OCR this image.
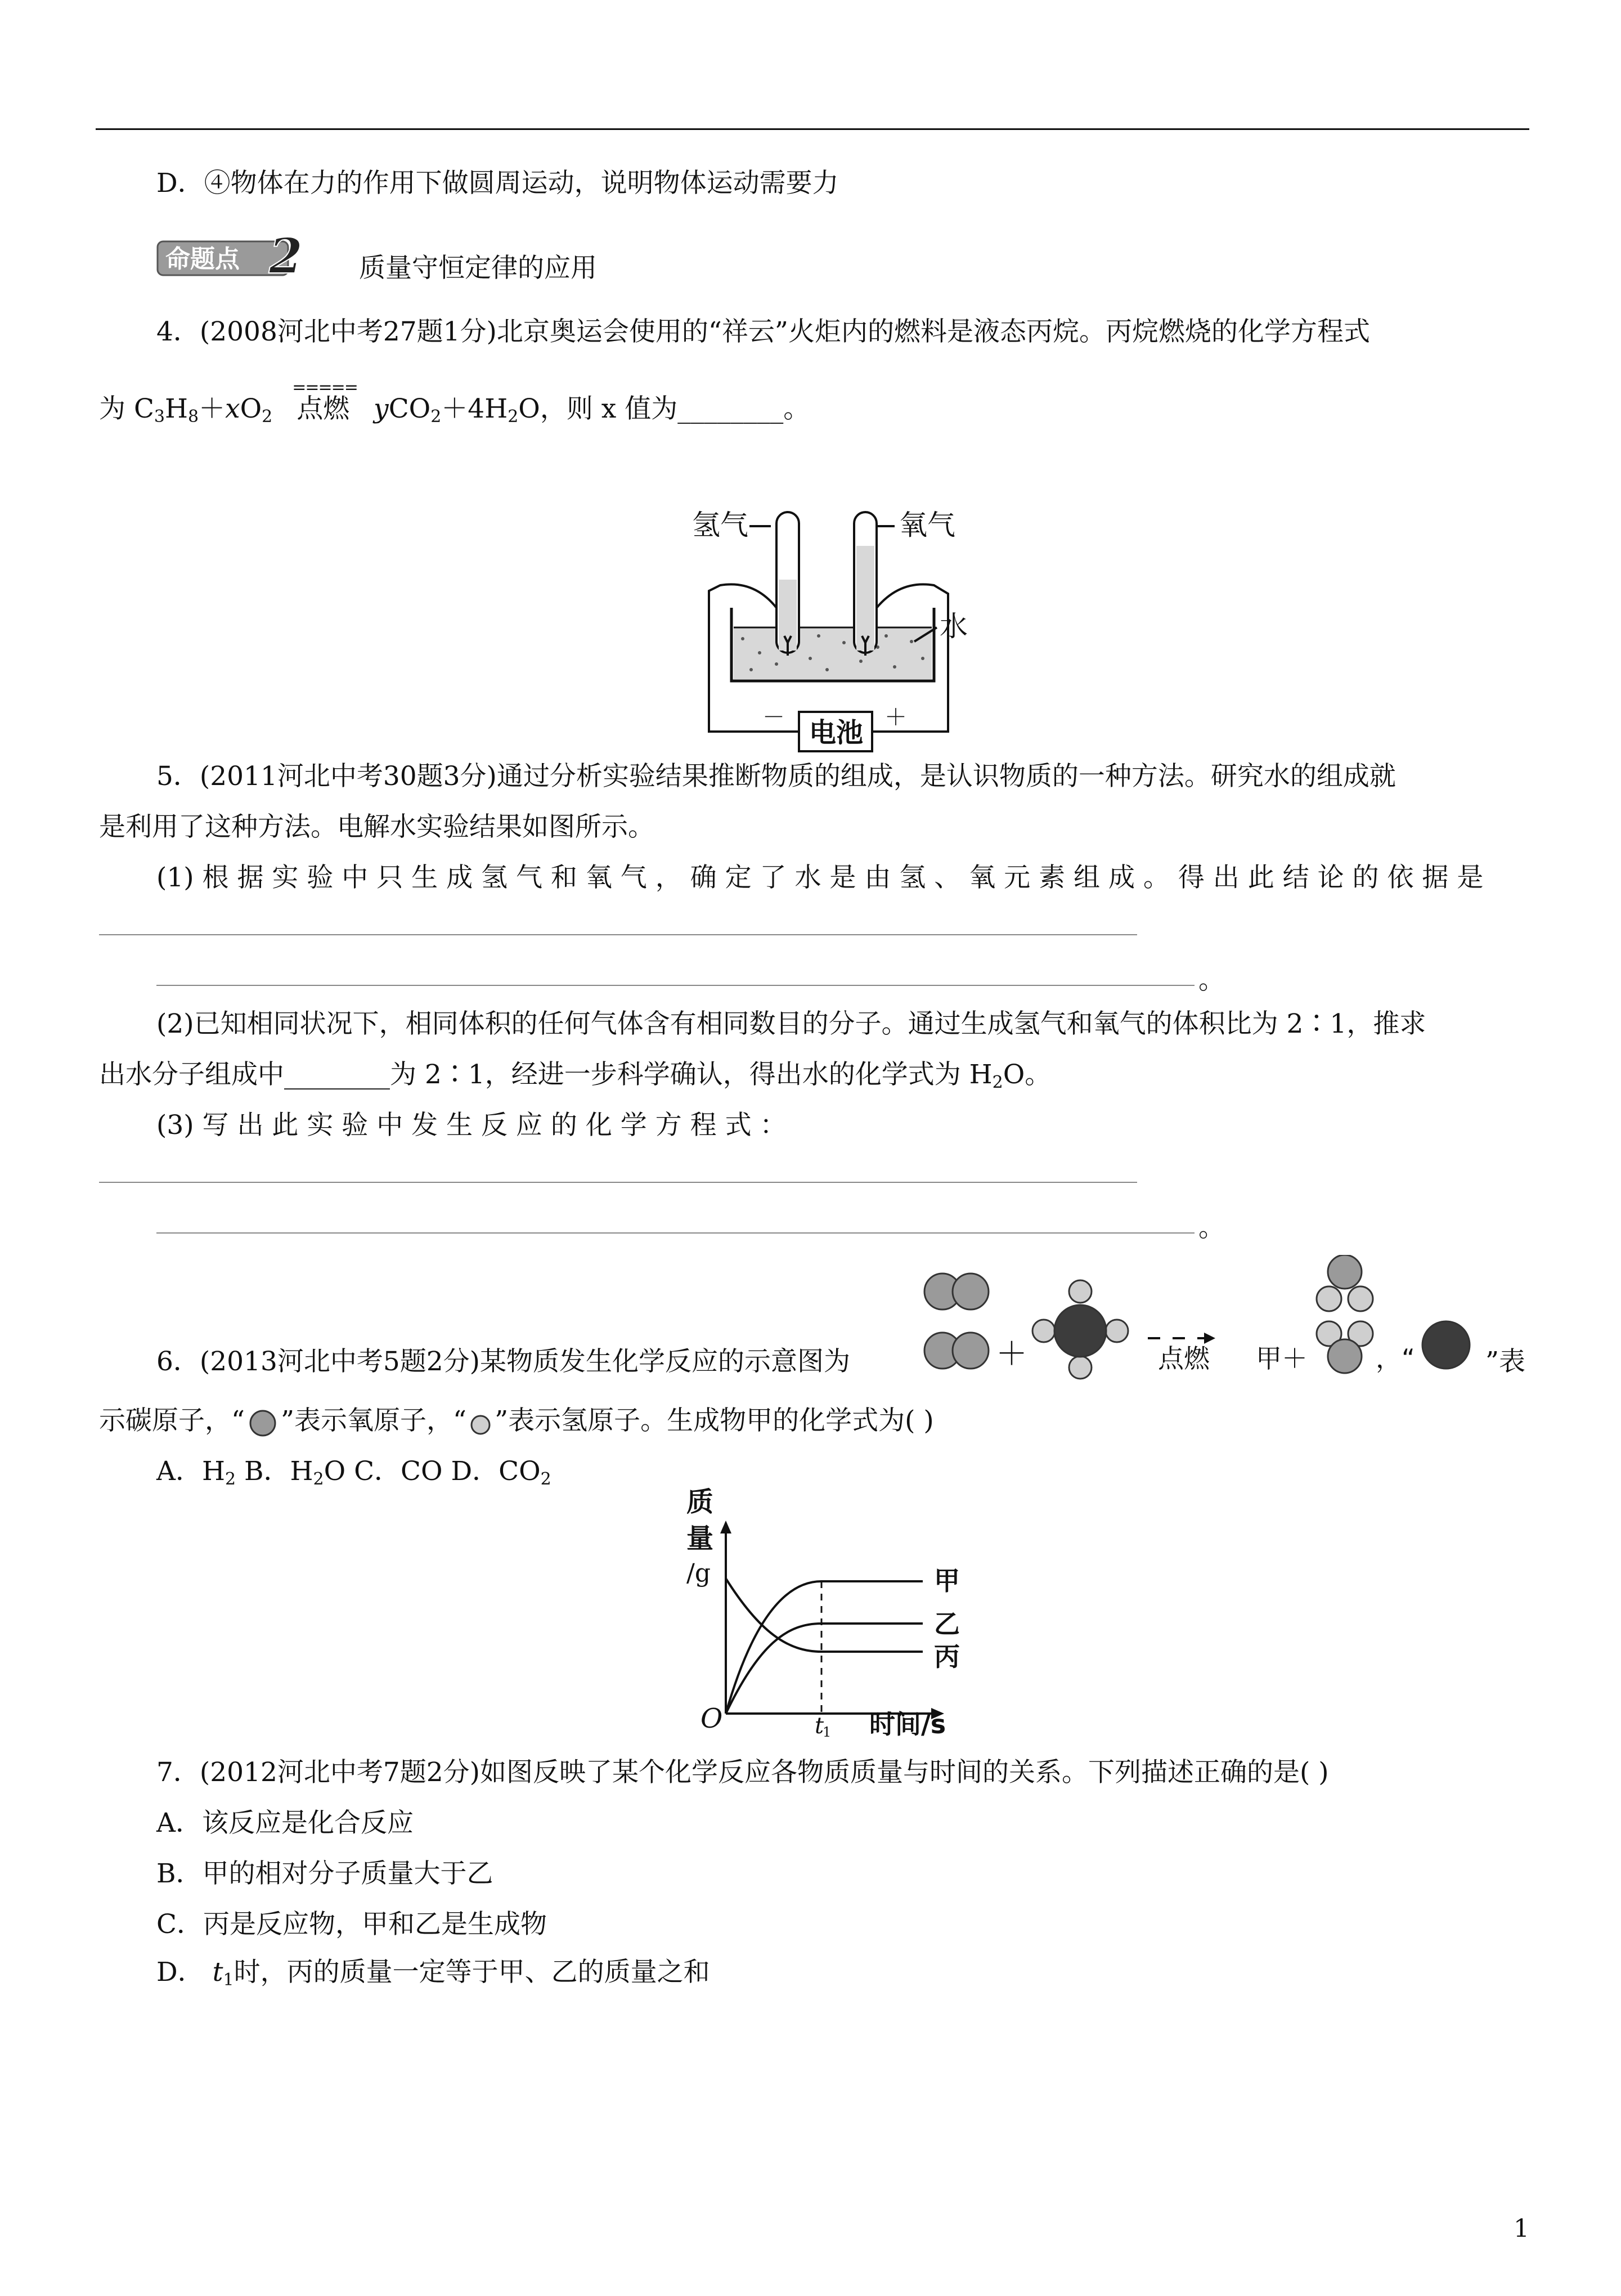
D．④物体在力的作用下做圆周运动，说明物体运动需要力
命题点 2 质量守恒定律的应用
4．(2008河北中考27题1分)北京奥运会使用的“祥云”火炬内的燃料是液态丙烷。丙烷燃烧的化学方程式
为 $C_3H_8+xO_2$
=====
点燃 $yCO_2+4H_2O$，则 x 值为________。
氢气	氧气
水
电池
－	＋
5．(2011河北中考30题3分)通过分析实验结果推断物质的组成，是认识物质的一种方法。研究水的组成就
是利用了这种方法。电解水实验结果如图所示。
(1) 根 据 实 验 中 只 生 成 氢 气 和 氧 气 ， 确 定 了 水 是 由 氢 、 氧 元 素 组 成 。 得 出 此 结 论 的 依 据 是
。
(2)已知相同状况下，相同体积的任何气体含有相同数目的分子。通过生成氢气和氧气的体积比为 2∶1，推求
出水分子组成中________为 2∶1，经进一步科学确认，得出水的化学式为 $H_2O$。
(3) 写 出 此 实 验 中 发 生 反 应 的 化 学 方 程 式 ：
。
6．(2013河北中考5题2分)某物质发生化学反应的示意图为	＋	点燃 甲＋	，“	”表
示碳原子，“ ”表示氧原子，“ ”表示氢原子。生成物甲的化学式为( )
A．$H_2$ B．$H_2O$ C．CO D．$CO_2$
质
量
/g	甲
乙
丙
O	t
1 时间/s
7．(2012河北中考7题2分)如图反映了某个化学反应各物质质量与时间的关系。下列描述正确的是( )
A．该反应是化合反应
B．甲的相对分子质量大于乙
C．丙是反应物，甲和乙是生成物
D． $t_1$时，丙的质量一定等于甲、乙的质量之和
1
